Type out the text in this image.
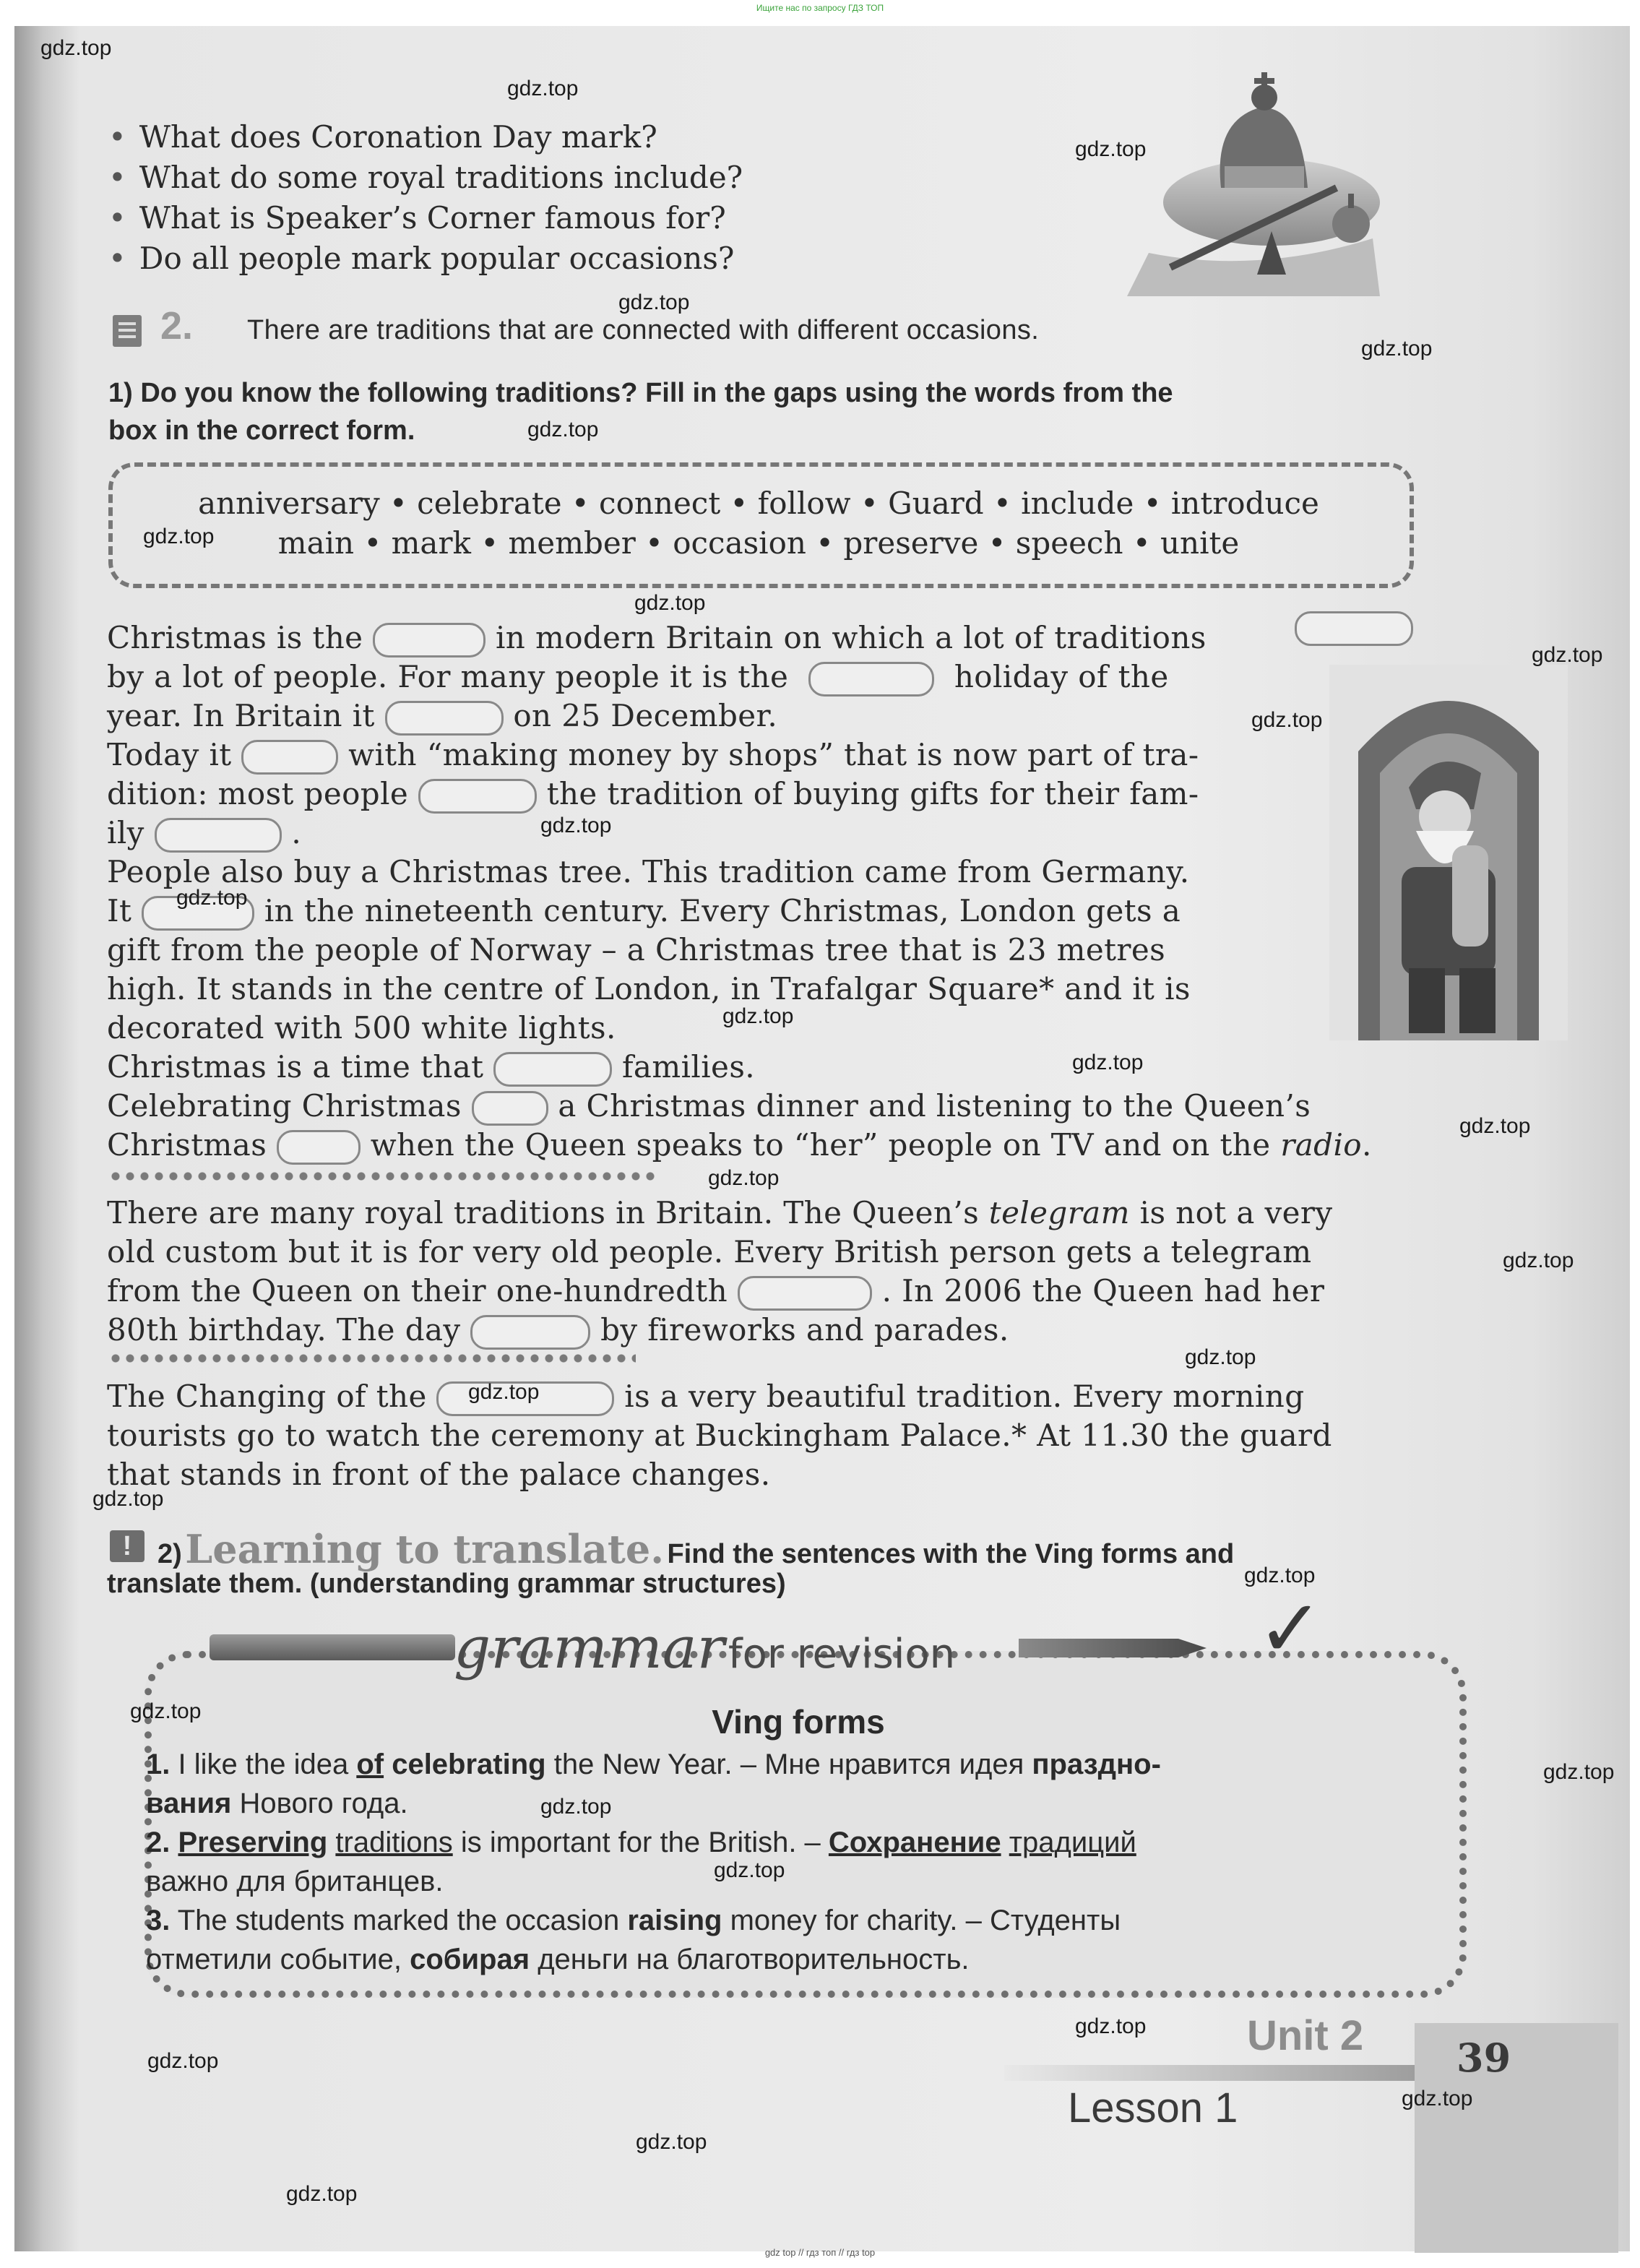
Ищите нас по запросу ГДЗ ТОП
• What does Coronation Day mark?
• What do some royal traditions include?
• What is Speaker’s Corner famous for?
• Do all people mark popular occasions?
2. There are traditions that are connected with different occasions.
1) Do you know the following traditions? Fill in the gaps using the words from the
box in the correct form.
anniversary • celebrate • connect • follow • Guard • include • introduce
main • mark • member • occasion • preserve • speech • unite
Christmas is the	in modern Britain on which a lot of traditions
by a lot of people. For many people it is the	holiday of the
year. In Britain it	on 25 December.
Today it	with “making money by shops” that is now part of tra-
dition: most people	the tradition of buying gifts for their fam-
ily	.
People also buy a Christmas tree. This tradition came from Germany.
It	in the nineteenth century. Every Christmas, London gets a
gift from the people of Norway – a Christmas tree that is 23 metres
high. It stands in the centre of London, in Trafalgar Square* and it is
decorated with 500 white lights.
Christmas is a time that	families.
Celebrating Christmas	a Christmas dinner and listening to the Queen’s
Christmas	when the Queen speaks to “her” people on TV and on the radio.
There are many royal traditions in Britain. The Queen’s telegram is not a very
old custom but it is for very old people. Every British person gets a telegram
from the Queen on their one-hundredth	. In 2006 the Queen had her
80th birthday. The day	by fireworks and parades.
The Changing of the	is a very beautiful tradition. Every morning
tourists go to watch the ceremony at Buckingham Palace.* At 11.30 the guard
that stands in front of the palace changes.
! 2) Learning to translate. Find the sentences with the Ving forms and
translate them. (understanding grammar structures)
grammar for revision	✓
Ving forms
1. I like the idea of celebrating the New Year. – Мне нравится идея праздно-
вания Нового года.
2. Preserving traditions is important for the British. – Сохранение традиций
важно для британцев.
3. The students marked the occasion raising money for charity. – Студенты
отметили событие, собирая деньги на благотворительность.
Unit 2
Lesson 1
39
gdz.top
gdz.top
gdz.top
gdz.top
gdz.top
gdz.top
gdz.top
gdz.top
gdz.top
gdz.top
gdz.top
gdz.top
gdz.top
gdz.top
gdz.top
gdz.top
gdz.top
gdz.top
gdz.top
gdz.top
gdz.top
gdz.top
gdz.top
gdz.top
gdz.top
gdz.top
gdz.top
gdz.top
gdz.top
gdz.top
gdz top // гдз топ // гдз top
